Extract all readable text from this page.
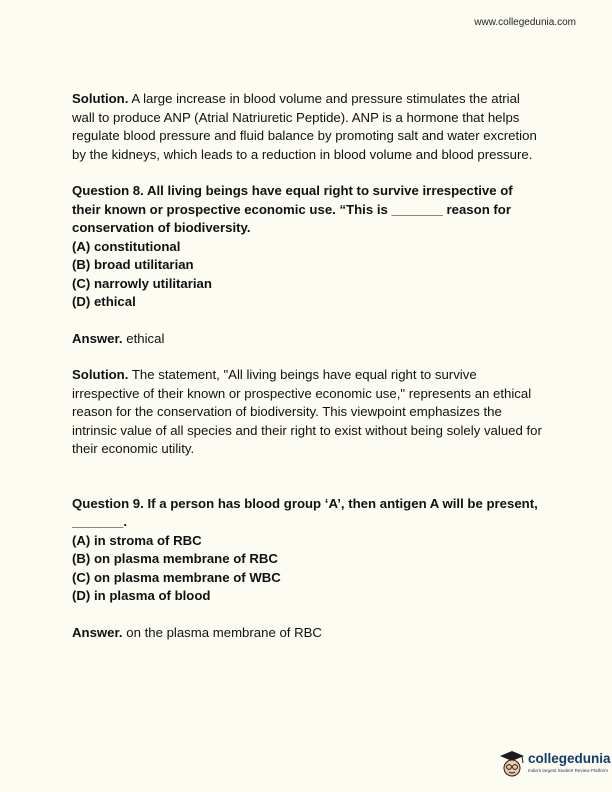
www.collegedunia.com

Solution. A large increase in blood volume and pressure stimulates the atrial wall to produce ANP (Atrial Natriuretic Peptide). ANP is a hormone that helps regulate blood pressure and fluid balance by promoting salt and water excretion by the kidneys, which leads to a reduction in blood volume and blood pressure.

Question 8. All living beings have equal right to survive irrespective of their known or prospective economic use. “This is _______ reason for conservation of biodiversity.

(A) constitutional
(B) broad utilitarian
(C) narrowly utilitarian
(D) ethical

Answer. ethical

Solution. The statement, "All living beings have equal right to survive irrespective of their known or prospective economic use," represents an ethical reason for the conservation of biodiversity. This viewpoint emphasizes the intrinsic value of all species and their right to exist without being solely valued for their economic utility.

Question 9. If a person has blood group ‘A’, then antigen A will be present, _______.

(A) in stroma of RBC
(B) on plasma membrane of RBC
(C) on plasma membrane of WBC
(D) in plasma of blood

Answer. on the plasma membrane of RBC

collegedunia
India's largest Student Review Platform
